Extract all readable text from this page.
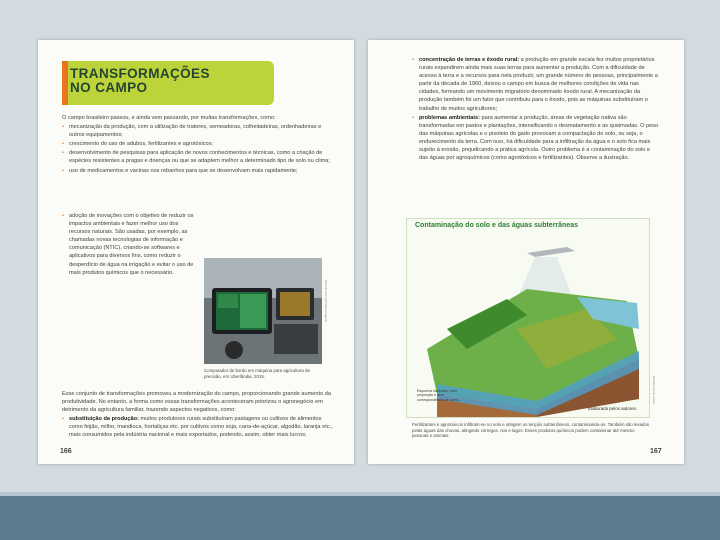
TRANSFORMAÇÕES
NO CAMPO

O campo brasileiro passou, e ainda vem passando, por muitas transformações, como:

• mecanização da produção, com a utilização de tratores, semeadoras, colheitadeiras, ordenhadeiras e outros equipamentos;
• crescimento do uso de adubos, fertilizantes e agrotóxicos;
• desenvolvimento de pesquisas para aplicação de novos conhecimentos e técnicas, como a criação de espécies resistentes a pragas e doenças ou que se adaptem melhor a determinado tipo de solo ou clima;
• uso de medicamentos e vacinas nos rebanhos para que se desenvolvam mais rapidamente;
• adoção de inovações com o objetivo de reduzir os impactos ambientais e fazer melhor uso dos recursos naturais. São usadas, por exemplo, as chamadas novas tecnologias de informação e comunicação (NTIC), criando-se softwares e aplicativos para diversos fins, como reduzir o desperdício de água na irrigação e evitar o uso de mais produtos químicos que o necessário.
Ricardo Azoury/Pulsar Imagens
Computador de bordo em máquina para agricultura de precisão, em Uberlândia, 2015.

Esse conjunto de transformações promoveu a modernização do campo, proporcionando grande aumento da produtividade. No entanto, a forma como essas transformações aconteceram priorizou o agronegócio em detrimento da agricultura familiar, trazendo aspectos negativos, como:

• substituição da produção: muitos produtores rurais substituíram pastagens ou cultivos de alimentos como feijão, milho, mandioca, hortaliças etc. por cultivos como soja, cana-de-açúcar, algodão, laranja etc., mais consumidos pela indústria nacional e mais exportados, podendo, assim, obter mais lucros;
166
• concentração de terras e êxodo rural: a produção em grande escala fez muitos proprietários rurais expandirem ainda mais suas terras para aumentar a produção. Com a dificuldade de acesso à terra e a recursos para nela produzir, um grande número de pessoas, principalmente a partir da década de 1960, deixou o campo em busca de melhores condições de vida nas cidades, formando um movimento migratório denominado êxodo rural. A mecanização da produção também foi um fator que contribuiu para o êxodo, pois as máquinas substituíram o trabalho de muitos agricultores;
• problemas ambientais: para aumentar a produção, áreas de vegetação nativa são transformadas em pastos e plantações, intensificando o desmatamento e as queimadas. O peso das máquinas agrícolas e o pisoteio do gado provocam a compactação do solo, ou seja, o endurecimento da terra. Com isso, há dificuldade para a infiltração da água e o solo fica mais sujeito à erosão, prejudicando a prática agrícola. Outro problema é a contaminação do solo e das águas por agroquímicos (como agrotóxicos e fertilizantes). Observe a ilustração.
Contaminação do solo e das águas subterrâneas
Esquema ilustrativo, sem proporção e sem correspondência de cores.
Elaborado pelos autores.
Estúdio Ampla Arena
Fertilizantes e agrotóxicos infiltram-se no solo e atingem os lençóis subterrâneos, contaminando-os. Também são levados pelas águas das chuvas, atingindo córregos, rios e lagos. Esses produtos químicos podem contaminar até mesmo pessoas e animais.
167
